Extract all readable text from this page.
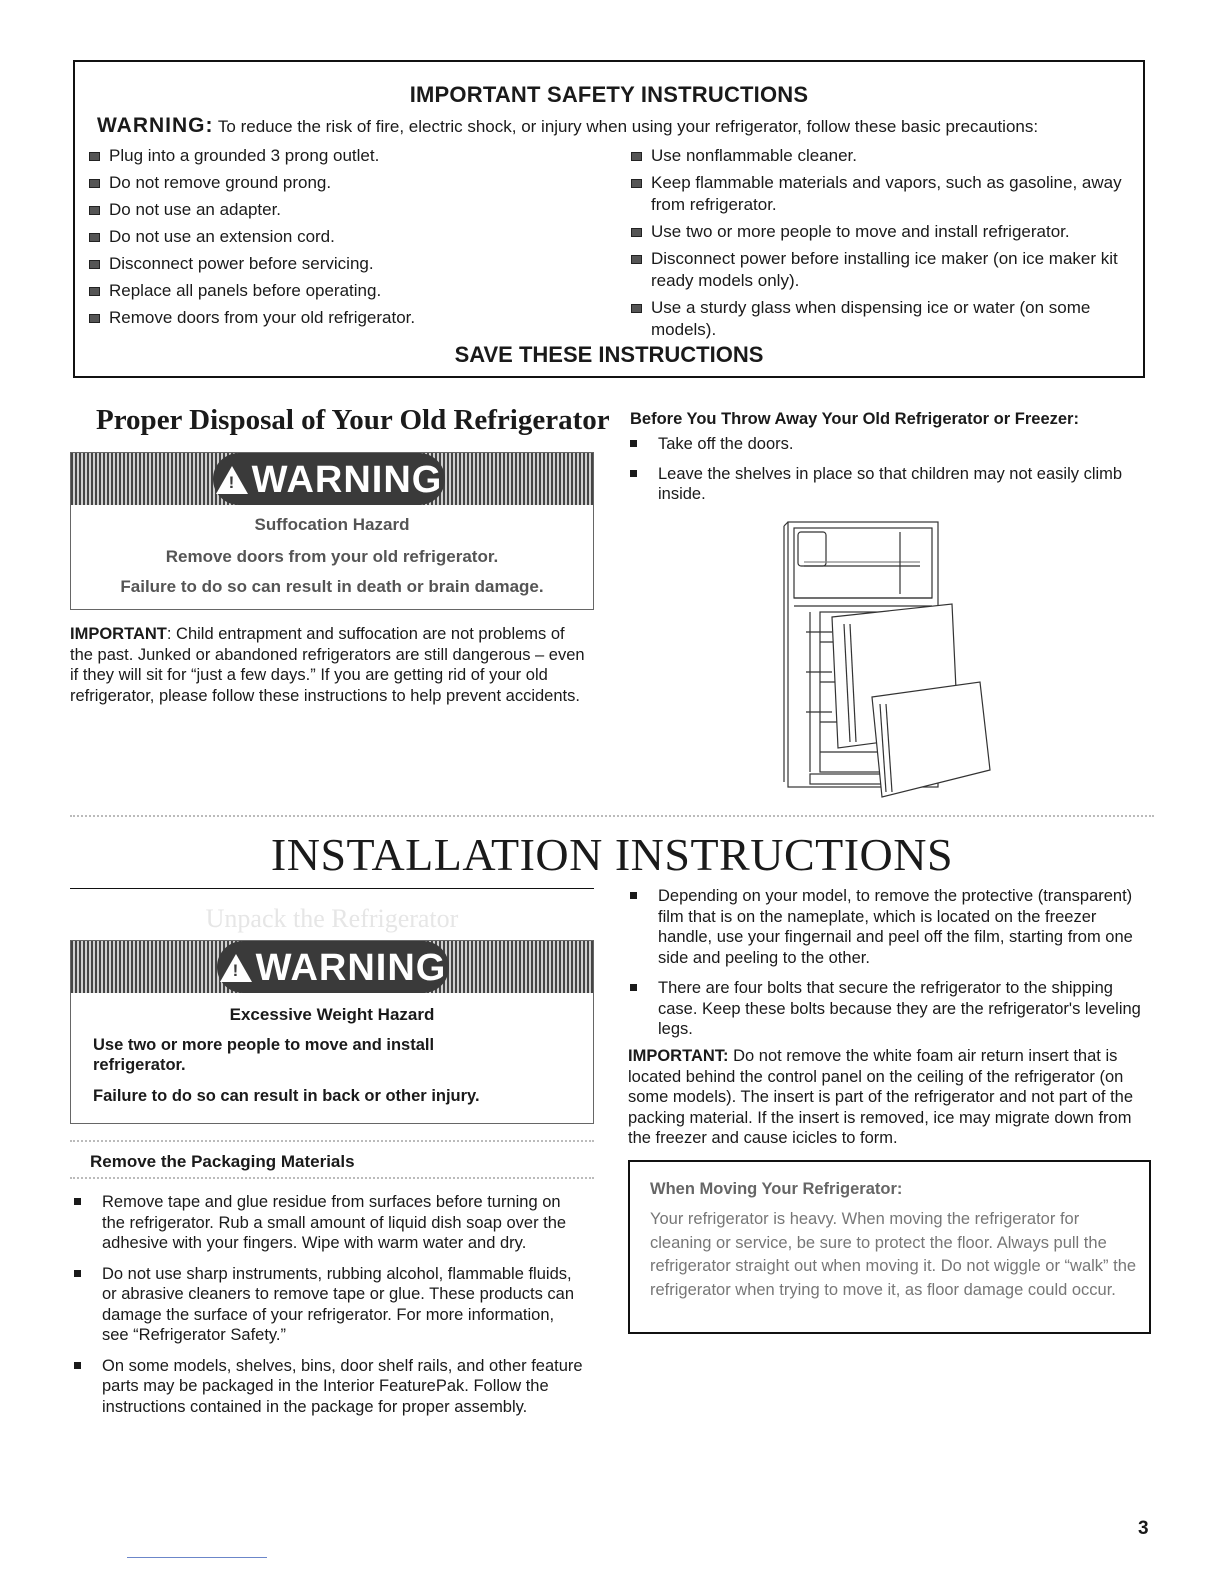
IMPORTANT SAFETY INSTRUCTIONS
WARNING: To reduce the risk of fire, electric shock, or injury when using your refrigerator, follow these basic precautions:
Plug into a grounded 3 prong outlet.
Do not remove ground prong.
Do not use an adapter.
Do not use an extension cord.
Disconnect power before servicing.
Replace all panels before operating.
Remove doors from your old refrigerator.
Use nonflammable cleaner.
Keep flammable materials and vapors, such as gasoline, away from refrigerator.
Use two or more people to move and install refrigerator.
Disconnect power before installing ice maker (on ice maker kit ready models only).
Use a sturdy glass when dispensing ice or water (on some models).
SAVE THESE INSTRUCTIONS
Proper Disposal of Your Old Refrigerator
!WARNING
Suffocation Hazard
Remove doors from your old refrigerator.
Failure to do so can result in death or brain damage.
IMPORTANT: Child entrapment and suffocation are not problems of the past. Junked or abandoned refrigerators are still dangerous – even if they will sit for “just a few days.” If you are getting rid of your old refrigerator, please follow these instructions to help prevent accidents.
Before You Throw Away Your Old Refrigerator or Freezer:
Take off the doors.
Leave the shelves in place so that children may not easily climb inside.
INSTALLATION INSTRUCTIONS
Unpack the Refrigerator
!WARNING
Excessive Weight Hazard
Use two or more people to move and install refrigerator.
Failure to do so can result in back or other injury.
Remove the Packaging Materials
Remove tape and glue residue from surfaces before turning on the refrigerator. Rub a small amount of liquid dish soap over the adhesive with your fingers. Wipe with warm water and dry.
Do not use sharp instruments, rubbing alcohol, flammable fluids, or abrasive cleaners to remove tape or glue. These products can damage the surface of your refrigerator. For more information, see “Refrigerator Safety.”
On some models, shelves, bins, door shelf rails, and other feature parts may be packaged in the Interior FeaturePak. Follow the instructions contained in the package for proper assembly.
Depending on your model, to remove the protective (transparent) film that is on the nameplate, which is located on the freezer handle, use your fingernail and peel off the film, starting from one side and peeling to the other.
There are four bolts that secure the refrigerator to the shipping case. Keep these bolts because they are the refrigerator's leveling legs.
IMPORTANT: Do not remove the white foam air return insert that is located behind the control panel on the ceiling of the refrigerator (on some models). The insert is part of the refrigerator and not part of the packing material. If the insert is removed, ice may migrate down from the freezer and cause icicles to form.
When Moving Your Refrigerator:
Your refrigerator is heavy. When moving the refrigerator for cleaning or service, be sure to protect the floor. Always pull the refrigerator straight out when moving it. Do not wiggle or “walk” the refrigerator when trying to move it, as floor damage could occur.
3
